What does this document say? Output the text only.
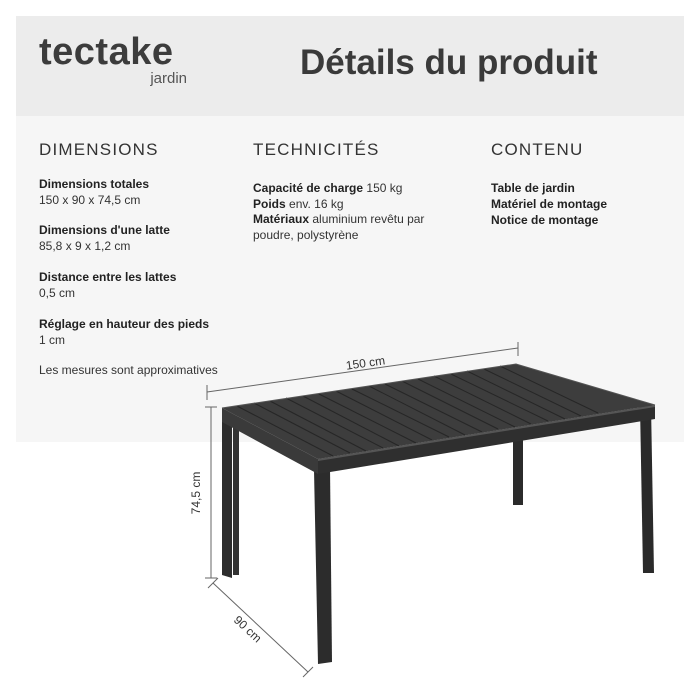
tectake
jardin	Détails du produit
DIMENSIONS	TECHNICITÉS	CONTENU
Dimensions totales
150 x 90 x 74,5 cm
Dimensions d'une latte
85,8 x 9 x 1,2 cm
Distance entre les lattes
0,5 cm
Réglage en hauteur des pieds
1 cm
Les mesures sont approximatives
Capacité de charge 150 kg
Poids env. 16 kg
Matériaux aluminium revêtu par poudre, polystyrène
Table de jardin
Matériel de montage
Notice de montage
150 cm
74,5 cm
90 cm
